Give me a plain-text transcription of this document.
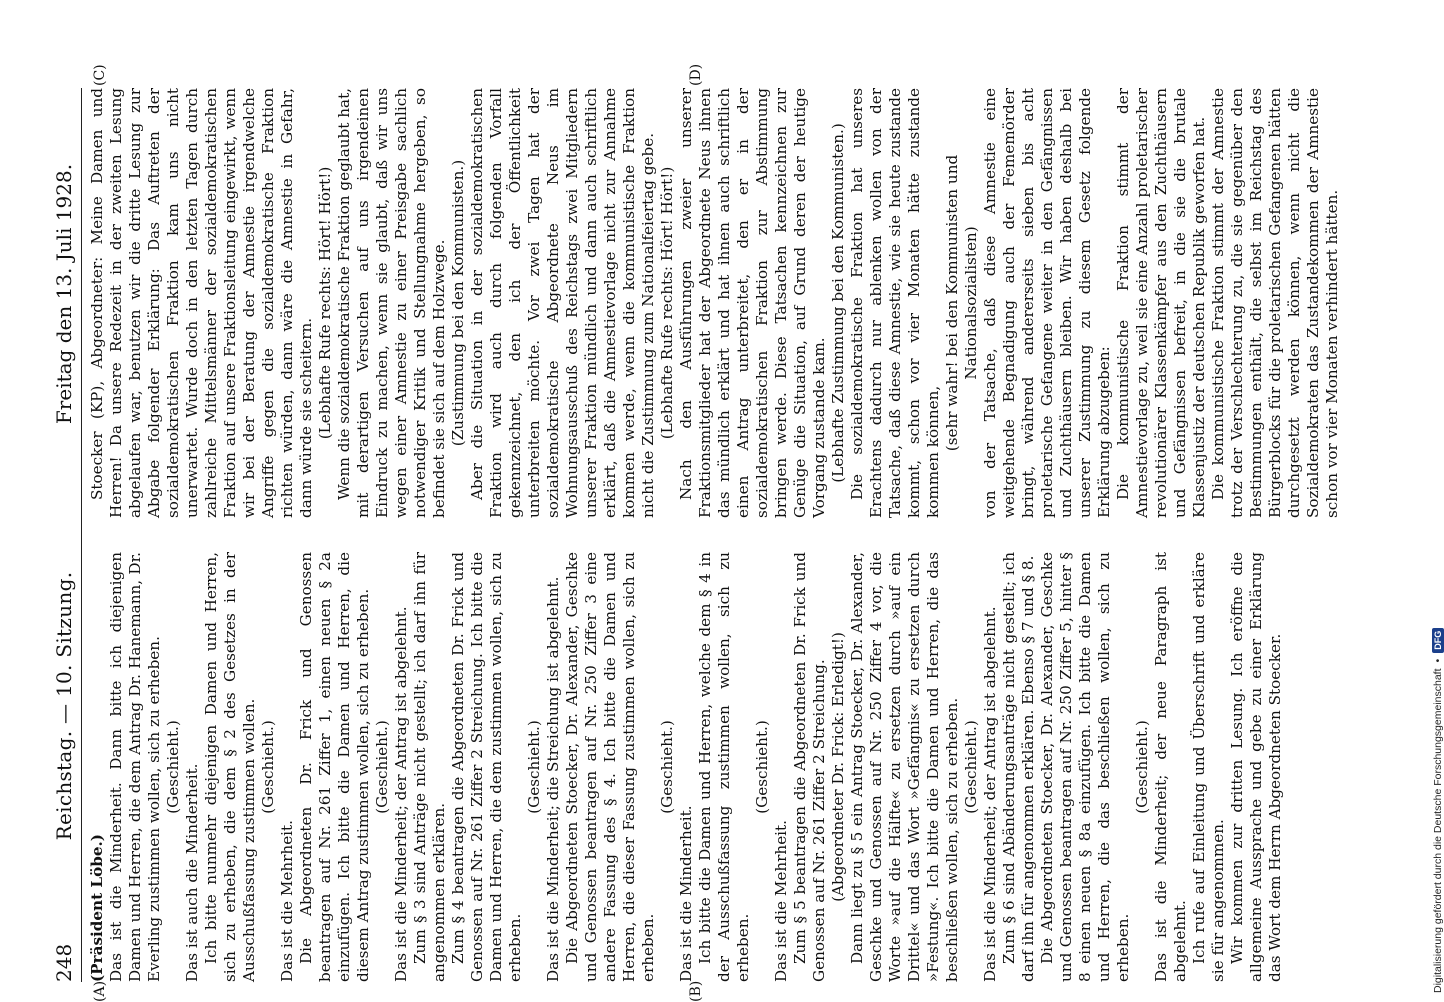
248
Reichstag. — 10. Sitzung.
Freitag den 13. Juli 1928.
(A)	(B)
(C)	(D)

(Präsident Löbe.) Das ist die Minderheit. Dann bitte ich diejenigen Damen und Herren, die dem Antrag Dr. Hanemann, Dr. Everling zustimmen wollen, sich zu erheben. (Geschieht.) Das ist auch die Minderheit. Ich bitte nunmehr diejenigen Damen und Herren, sich zu erheben, die dem § 2 des Gesetzes in der Ausschußfassung zustimmen wollen. (Geschieht.)

Das ist die Mehrheit. Die Abgeordneten Dr. Frick und Genossen beantragen auf Nr. 261 Ziffer 1, einen neuen § 2a einzufügen. Ich bitte die Damen und Herren, die diesem Antrag zustimmen wollen, sich zu erheben. (Geschieht.) Das ist die Minderheit; der Antrag ist abgelehnt. Zum § 3 sind Anträge nicht gestellt; ich darf ihn für angenommen erklären. Zum § 4 beantragen die Abgeordneten Dr. Frick und Genossen auf Nr. 261 Ziffer 2 Streichung. Ich bitte die Damen und Herren, die dem zustimmen wollen, sich zu erheben.

(Geschieht.) Das ist die Minderheit; die Streichung ist abgelehnt. Die Abgeordneten Stoecker, Dr. Alexander, Geschke und Genossen beantragen auf Nr. 250 Ziffer 3 eine andere Fassung des § 4. Ich bitte die Damen und Herren, die dieser Fassung zustimmen wollen, sich zu erheben.

(Geschieht.)

Das ist die Minderheit. Ich bitte die Damen und Herren, welche dem § 4 in der Ausschußfassung zustimmen wollen, sich zu erheben.

(Geschieht.)

Das ist die Mehrheit. Zum § 5 beantragen die Abgeordneten Dr. Frick und Genossen auf Nr. 261 Ziffer 2 Streichung. (Abgeordneter Dr. Frick: Erledigt!) Dann liegt zu § 5 ein Antrag Stoecker, Dr. Alexander, Geschke und Genossen auf Nr. 250 Ziffer 4 vor, die Worte »auf die Hälfte« zu ersetzen durch »auf ein Drittel« und das Wort »Gefängnis« zu ersetzen durch »Festung«. Ich bitte die Damen und Herren, die das beschließen wollen, sich zu erheben. (Geschieht.) Das ist die Minderheit; der Antrag ist abgelehnt. Zum § 6 sind Abänderungsanträge nicht gestellt; ich darf ihn für angenommen erklären. Ebenso § 7 und § 8. Die Abgeordneten Stoecker, Dr. Alexander, Geschke und Genossen beantragen auf Nr. 250 Ziffer 5, hinter § 8 einen neuen § 8a einzufügen. Ich bitte die Damen und Herren, die das beschließen wollen, sich zu erheben.

(Geschieht.) Das ist die Minderheit; der neue Paragraph ist abgelehnt. Ich rufe auf Einleitung und Überschrift und erkläre sie für angenommen. Wir kommen zur dritten Lesung. Ich eröffne die allgemeine Aussprache und gebe zu einer Erklärung das Wort dem Herrn Abgeordneten Stoecker.

Stoecker (KP), Abgeordneter: Meine Damen und Herren! Da unsere Redezeit in der zweiten Lesung abgelaufen war, benutzen wir die dritte Lesung zur Abgabe folgender Erklärung: Das Auftreten der sozialdemokratischen Fraktion kam uns nicht unerwartet. Wurde doch in den letzten Tagen durch zahlreiche Mittelsmänner der sozialdemokratischen Fraktion auf unsere Fraktionsleitung eingewirkt, wenn wir bei der Beratung der Amnestie irgendwelche Angriffe gegen die sozialdemokratische Fraktion richten würden, dann wäre die Amnestie in Gefahr, dann würde sie scheitern. (Lebhafte Rufe rechts: Hört! Hört!) Wenn die sozialdemokratische Fraktion geglaubt hat, mit derartigen Versuchen auf uns irgendeinen Eindruck zu machen, wenn sie glaubt, daß wir uns wegen einer Amnestie zu einer Preisgabe sachlich notwendiger Kritik und Stellungnahme hergeben, so befindet sie sich auf dem Holzwege. (Zustimmung bei den Kommunisten.) Aber die Situation in der sozialdemokratischen Fraktion wird auch durch folgenden Vorfall gekennzeichnet, den ich der Öffentlichkeit unterbreiten möchte. Vor zwei Tagen hat der sozialdemokratische Abgeordnete Neus im Wohnungsausschuß des Reichstags zwei Mitgliedern unserer Fraktion mündlich und dann auch schriftlich erklärt, daß die Amnestievorlage nicht zur Annahme kommen werde, wenn die kommunistische Fraktion nicht die Zustimmung zum Nationalfeiertag gebe. (Lebhafte Rufe rechts: Hört! Hört!) Nach den Ausführungen zweier unserer Fraktionsmitglieder hat der Abgeordnete Neus ihnen das mündlich erklärt und hat ihnen auch schriftlich einen Antrag unterbreitet, den er in der sozialdemokratischen Fraktion zur Abstimmung bringen werde. Diese Tatsachen kennzeichnen zur Genüge die Situation, auf Grund deren der heutige Vorgang zustande kam. (Lebhafte Zustimmung bei den Kommunisten.) Die sozialdemokratische Fraktion hat unseres Erachtens dadurch nur ablenken wollen von der Tatsache, daß diese Amnestie, wie sie heute zustande kommt, schon vor vier Monaten hätte zustande kommen können,

(sehr wahr! bei den Kommunisten und Nationalsozialisten) von der Tatsache, daß diese Amnestie eine weitgehende Begnadigung auch der Fememörder bringt, während andererseits sieben bis acht proletarische Gefangene weiter in den Gefängnissen und Zuchthäusern bleiben. Wir haben deshalb bei unserer Zustimmung zu diesem Gesetz folgende Erklärung abzugeben: Die kommunistische Fraktion stimmt der Amnestievorlage zu, weil sie eine Anzahl proletarischer revolutionärer Klassenkämpfer aus den Zuchthäusern und Gefängnissen befreit, in die sie die brutale Klassenjustiz der deutschen Republik geworfen hat. Die kommunistische Fraktion stimmt der Amnestie trotz der Verschlechterung zu, die sie gegenüber den Bestimmungen enthält, die selbst im Reichstag des Bürgerblocks für die proletarischen Gefangenen hätten durchgesetzt werden können, wenn nicht die Sozialdemokraten das Zustandekommen der Amnestie schon vor vier Monaten verhindert hätten.

Digitalisierung gefördert durch die Deutsche Forschungsgemeinschaft
•
DFG
